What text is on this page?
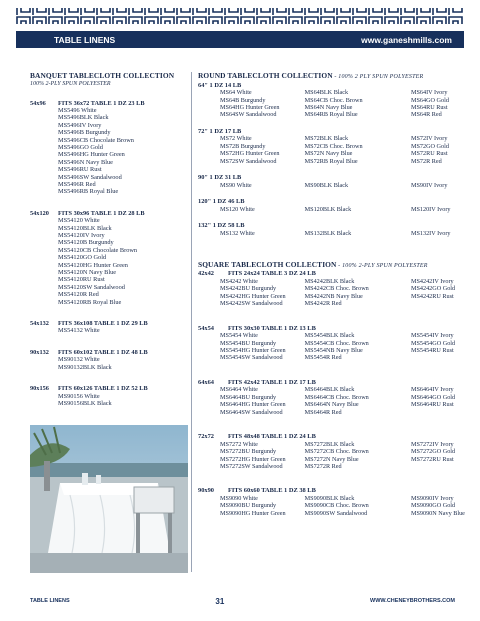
TABLE LINENS	www.ganeshmills.com
BANQUET TABLECLOTH COLLECTION
100% 2-PLY SPUN POLYESTER
54x96 FITS 36x72 TABLE 1 DZ 23 LB
MS5496 White
MS5496BLK Black
MS5496IV Ivory
MS5496B Burgundy
MS5496CB Chocolate Brown
MS5496GO Gold
MS5496HG Hunter Green
MS5496N Navy Blue
MS5496RU Rust
MS5496SW Sandalwood
MS5496R Red
MS5496RB Royal Blue
54x120 FITS 30x96 TABLE 1 DZ 28 LB
MS54120 White
MS54120BLK Black
MS54120IV Ivory
MS54120B Burgundy
MS54120CB Chocolate Brown
MS54120GO Gold
MS54120HG Hunter Green
MS54120N Navy Blue
MS54120RU Rust
MS54120SW Sandalwood
MS54120R Red
MS54120RB Royal Blue
54x132 FITS 36x108 TABLE 1 DZ 29 LB
MS54132 White
90x132 FITS 60x102 TABLE 1 DZ 48 LB
MS90132 White
MS90132BLK Black
90x156 FITS 60x126 TABLE 1 DZ 52 LB
MS90156 White
MS90156BLK Black
ROUND TABLECLOTH COLLECTION - 100% 2 PLY SPUN POLYESTER
64" 1 DZ 14 LB
MS64 White	MS64BLK Black	MS64IV Ivory
MS64B Burgundy	MS64CB Choc. Brown	MS64GO Gold
MS64HG Hunter Green	MS64N Navy Blue	MS64RU Rust
MS64SW Sandalwood	MS64RB Royal Blue	MS64R Red
72" 1 DZ 17 LB
MS72 White	MS72BLK Black	MS72IV Ivory
MS72B Burgundy	MS72CB Choc. Brown	MS72GO Gold
MS72HG Hunter Green	MS72N Navy Blue	MS72RU Rust
MS72SW Sandalwood	MS72RB Royal Blue	MS72R Red
90" 1 DZ 31 LB
MS90 White	MS90BLK Black	MS90IV Ivory
120" 1 DZ 46 LB
MS120 White	MS120BLK Black	MS120IV Ivory
132" 1 DZ 58 LB
MS132 White	MS132BLK Black	MS132IV Ivory
SQUARE TABLECLOTH COLLECTION - 100% 2-PLY SPUN POLYESTER
42x42 FITS 24x24 TABLE 3 DZ 24 LB
MS4242 White	MS4242BLK Black	MS4242IV Ivory
MS4242BU Burgundy	MS4242CB Choc. Brown	MS4242GO Gold
MS4242HG Hunter Green	MS4242NB Navy Blue	MS4242RU Rust
MS4242SW Sandalwood	MS4242R Red
54x54 FITS 30x30 TABLE 1 DZ 13 LB
MS5454 White	MS5454BLK Black	MS5454IV Ivory
MS5454BU Burgundy	MS5454CB Choc. Brown	MS5454GO Gold
MS5454HG Hunter Green	MS5454NB Navy Blue	MS5454RU Rust
MS5454SW Sandalwood	MS5454R Red
64x64 FITS 42x42 TABLE 1 DZ 17 LB
MS6464 White	MS6464BLK Black	MS6464IV Ivory
MS6464BU Burgundy	MS6464CB Choc. Brown	MS6464GO Gold
MS6464HG Hunter Green	MS6464N Navy Blue	MS6464RU Rust
MS6464SW Sandalwood	MS6464R Red
72x72 FITS 48x48 TABLE 1 DZ 24 LB
MS7272 White	MS7272BLK Black	MS7272IV Ivory
MS7272BU Burgundy	MS7272CB Choc. Brown	MS7272GO Gold
MS7272HG Hunter Green	MS7272N Navy Blue	MS7272RU Rust
MS7272SW Sandalwood	MS7272R Red
90x90 FITS 60x60 TABLE 1 DZ 38 LB
MS9090 White	MS9090BLK Black	MS9090IV Ivory
MS9090BU Burgundy	MS9090CB Choc. Brown	MS9090GO Gold
MS9090HG Hunter Green	MS9090SW Sandalwood	MS9090N Navy Blue
TABLE LINENS	31	WWW.CHENEYBROTHERS.COM
